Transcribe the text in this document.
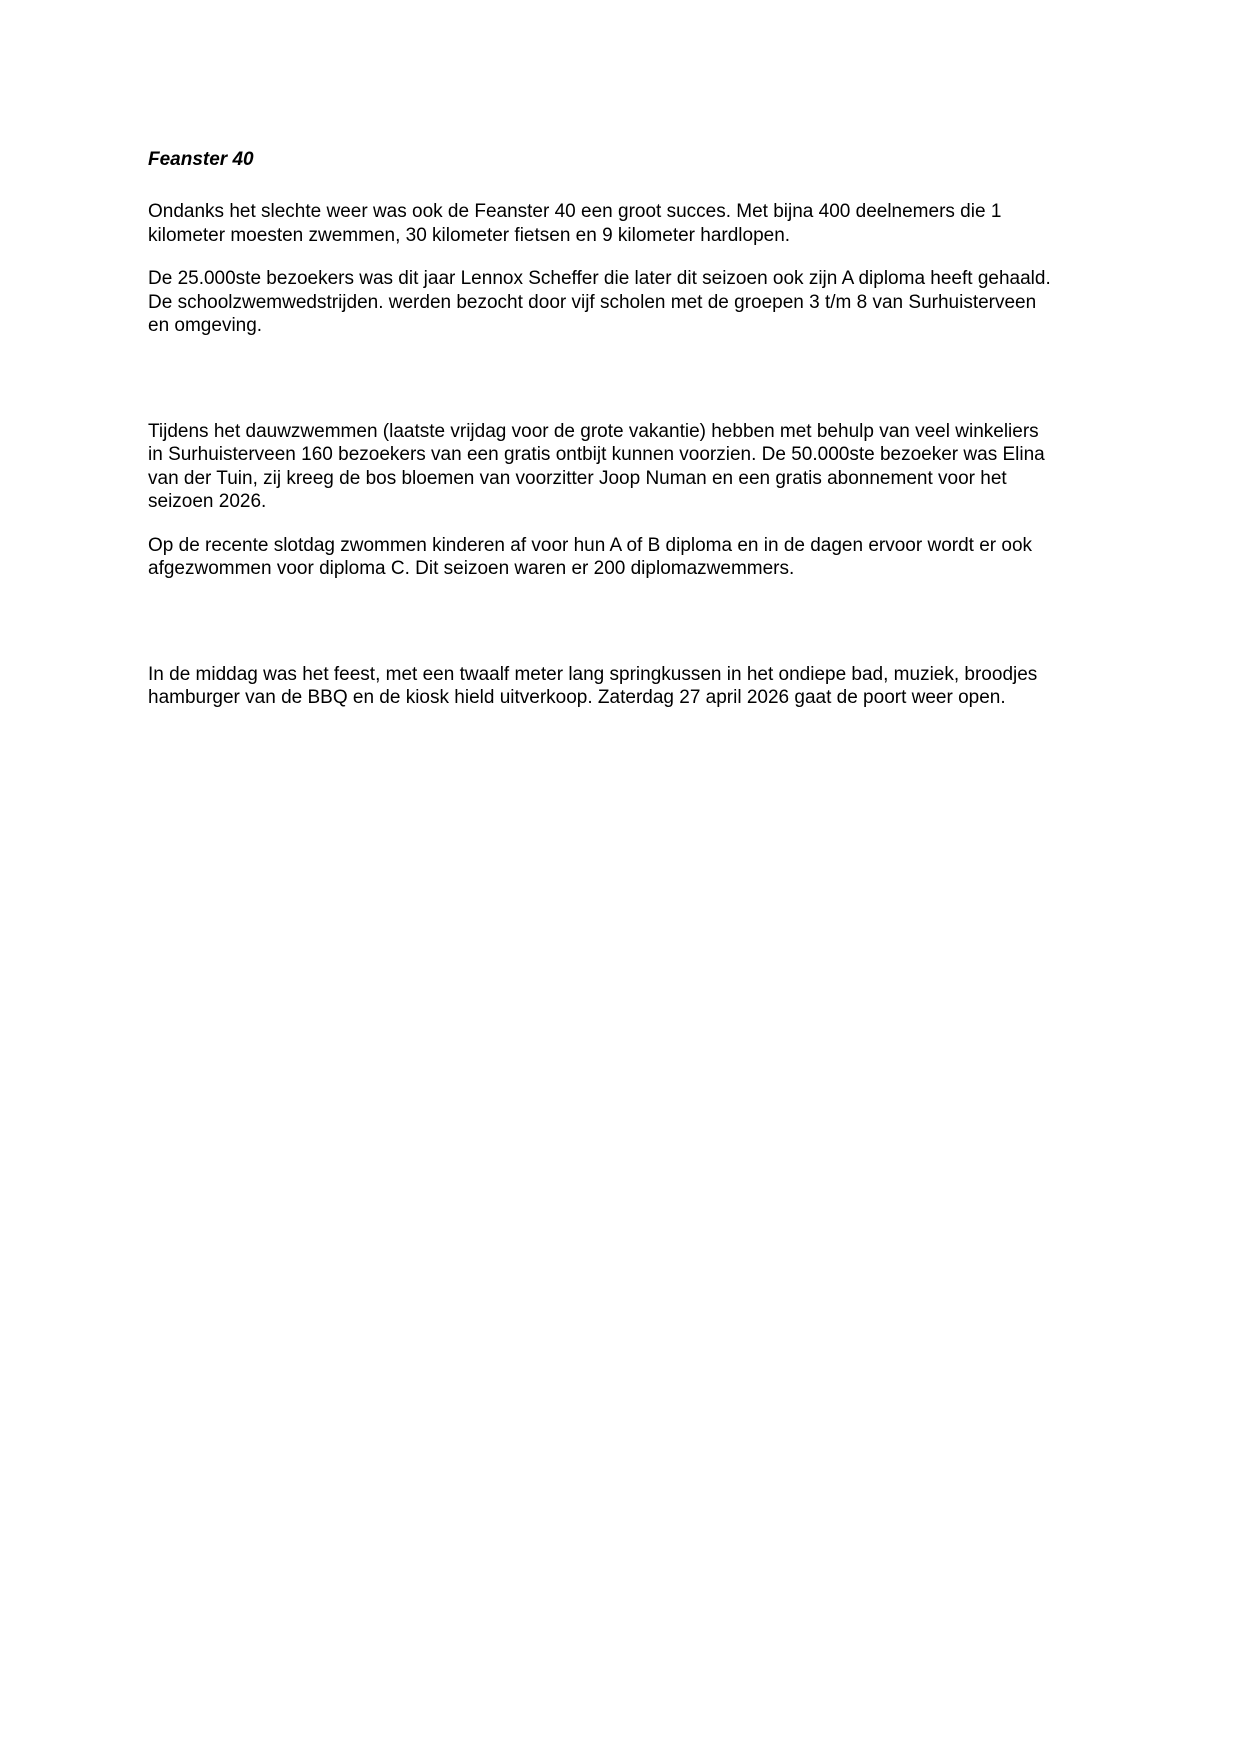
Feanster 40

Ondanks het slechte weer was ook de Feanster 40 een groot succes. Met bijna 400 deelnemers die 1
kilometer moesten zwemmen, 30 kilometer fietsen en 9 kilometer hardlopen.

De 25.000ste bezoekers was dit jaar Lennox Scheffer die later dit seizoen ook zijn A diploma heeft gehaald.
De schoolzwemwedstrijden. werden bezocht door vijf scholen met de groepen 3 t/m 8 van Surhuisterveen
en omgeving.

Tijdens het dauwzwemmen (laatste vrijdag voor de grote vakantie) hebben met behulp van veel winkeliers
in Surhuisterveen 160 bezoekers van een gratis ontbijt kunnen voorzien. De 50.000ste bezoeker was Elina
van der Tuin, zij kreeg de bos bloemen van voorzitter Joop Numan en een gratis abonnement voor het
seizoen 2026.

Op de recente slotdag zwommen kinderen af voor hun A of B diploma en in de dagen ervoor wordt er ook
afgezwommen voor diploma C. Dit seizoen waren er 200 diplomazwemmers.

In de middag was het feest, met een twaalf meter lang springkussen in het ondiepe bad, muziek, broodjes
hamburger van de BBQ en de kiosk hield uitverkoop. Zaterdag 27 april 2026 gaat de poort weer open.
